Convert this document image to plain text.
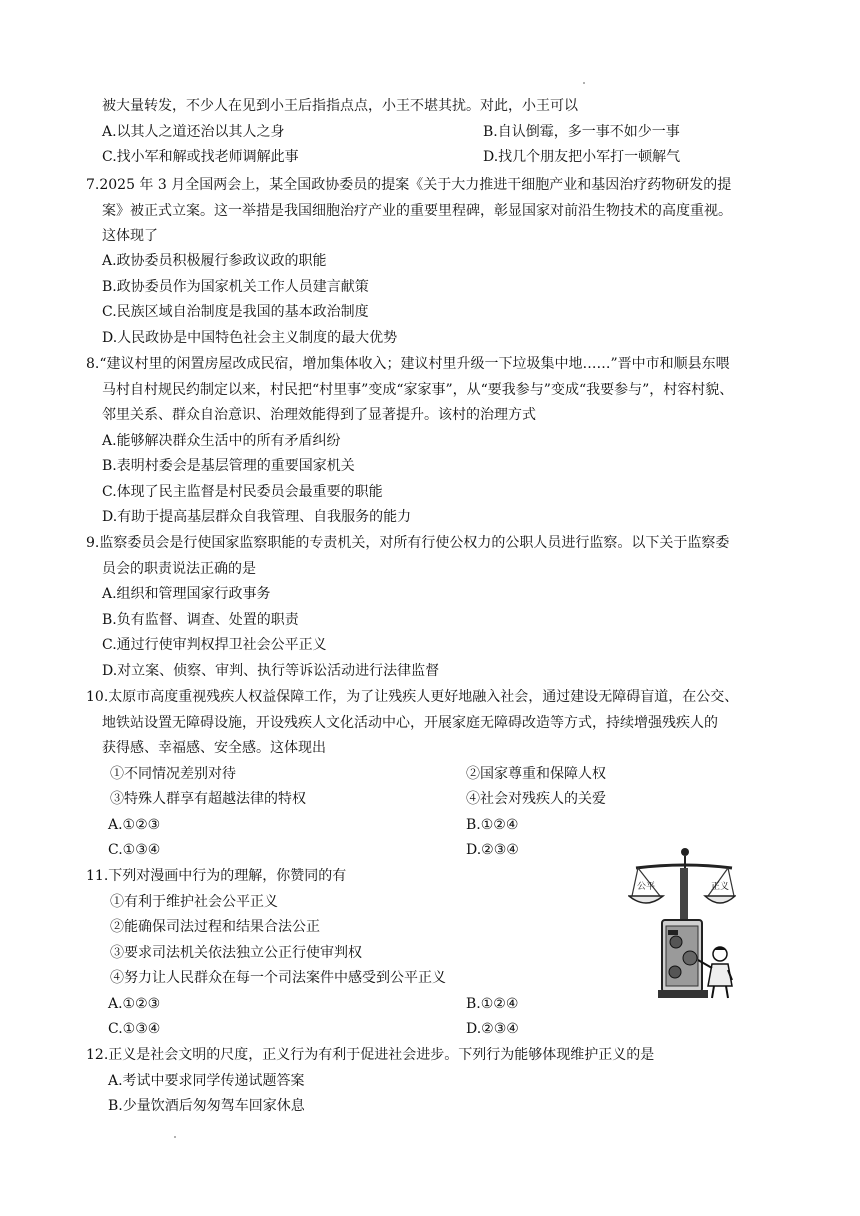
被大量转发，不少人在见到小王后指指点点，小王不堪其扰。对此，小王可以
A.以其人之道还治以其人之身	B.自认倒霉，多一事不如少一事
C.找小军和解或找老师调解此事	D.找几个朋友把小军打一顿解气
7.2025 年 3 月全国两会上，某全国政协委员的提案《关于大力推进干细胞产业和基因治疗药物研发的提
案》被正式立案。这一举措是我国细胞治疗产业的重要里程碑，彰显国家对前沿生物技术的高度重视。
这体现了
A.政协委员积极履行参政议政的职能
B.政协委员作为国家机关工作人员建言献策
C.民族区域自治制度是我国的基本政治制度
D.人民政协是中国特色社会主义制度的最大优势
8.“建议村里的闲置房屋改成民宿，增加集体收入；建议村里升级一下垃圾集中地……”晋中市和顺县东喂
马村自村规民约制定以来，村民把“村里事”变成“家家事”，从“要我参与”变成“我要参与”，村容村貌、
邻里关系、群众自治意识、治理效能得到了显著提升。该村的治理方式
A.能够解决群众生活中的所有矛盾纠纷
B.表明村委会是基层管理的重要国家机关
C.体现了民主监督是村民委员会最重要的职能
D.有助于提高基层群众自我管理、自我服务的能力
9.监察委员会是行使国家监察职能的专责机关，对所有行使公权力的公职人员进行监察。以下关于监察委
员会的职责说法正确的是
A.组织和管理国家行政事务
B.负有监督、调查、处置的职责
C.通过行使审判权捍卫社会公平正义
D.对立案、侦察、审判、执行等诉讼活动进行法律监督
10.太原市高度重视残疾人权益保障工作，为了让残疾人更好地融入社会，通过建设无障碍盲道，在公交、
地铁站设置无障碍设施，开设残疾人文化活动中心，开展家庭无障碍改造等方式，持续增强残疾人的
获得感、幸福感、安全感。这体现出
①不同情况差别对待	②国家尊重和保障人权
③特殊人群享有超越法律的特权	④社会对残疾人的关爱
A.①②③	B.①②④
C.①③④	D.②③④
11.下列对漫画中行为的理解，你赞同的有
①有利于维护社会公平正义
②能确保司法过程和结果合法公正
③要求司法机关依法独立公正行使审判权
④努力让人民群众在每一个司法案件中感受到公平正义
A.①②③	B.①②④
C.①③④	D.②③④
公平	正义
12.正义是社会文明的尺度，正义行为有利于促进社会进步。下列行为能够体现维护正义的是
A.考试中要求同学传递试题答案
B.少量饮酒后匆匆驾车回家休息
